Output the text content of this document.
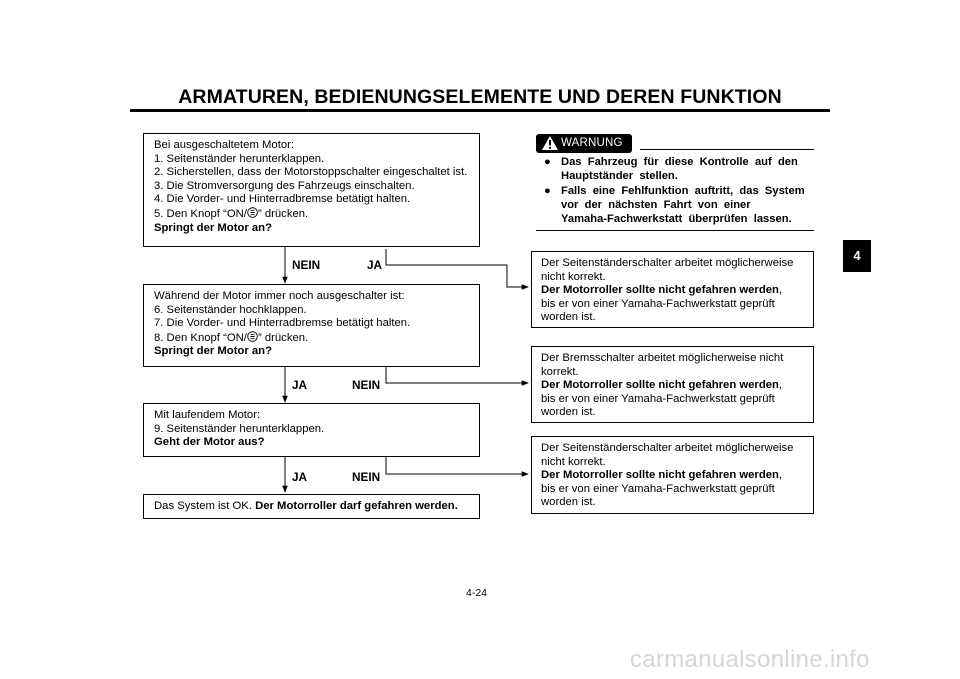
ARMATUREN, BEDIENUNGSELEMENTE UND DEREN FUNKTION
4
Bei ausgeschaltetem Motor:
1. Seitenständer herunterklappen.
2. Sicherstellen, dass der Motorstoppschalter eingeschaltet ist.
3. Die Stromversorgung des Fahrzeugs einschalten.
4. Die Vorder- und Hinterradbremse betätigt halten.
5. Den Knopf “ON/ ” drücken.
Springt der Motor an?
NEIN	JA
Während der Motor immer noch ausgeschalter ist:
6. Seitenständer hochklappen.
7. Die Vorder- und Hinterradbremse betätigt halten.
8. Den Knopf “ON/ ” drücken.
Springt der Motor an?
JA	NEIN
Mit laufendem Motor:
9. Seitenständer herunterklappen.
Geht der Motor aus?
JA	NEIN
Das System ist OK. Der Motorroller darf gefahren werden.
WARNUNG
● Das  Fahrzeug  für  diese  Kontrolle  auf  den
Hauptständer  stellen.
● Falls  eine  Fehlfunktion  auftritt,  das  System
vor  der  nächsten  Fahrt  von  einer
Yamaha-Fachwerkstatt  überprüfen  lassen.
Der Seitenständerschalter arbeitet möglicherweise
nicht korrekt.
Der Motorroller sollte nicht gefahren werden,
bis er von einer Yamaha-Fachwerkstatt geprüft
worden ist.
Der Bremsschalter arbeitet möglicherweise nicht
korrekt.
Der Motorroller sollte nicht gefahren werden,
bis er von einer Yamaha-Fachwerkstatt geprüft
worden ist.
Der Seitenständerschalter arbeitet möglicherweise
nicht korrekt.
Der Motorroller sollte nicht gefahren werden,
bis er von einer Yamaha-Fachwerkstatt geprüft
worden ist.
4-24
carmanualsonline.info
